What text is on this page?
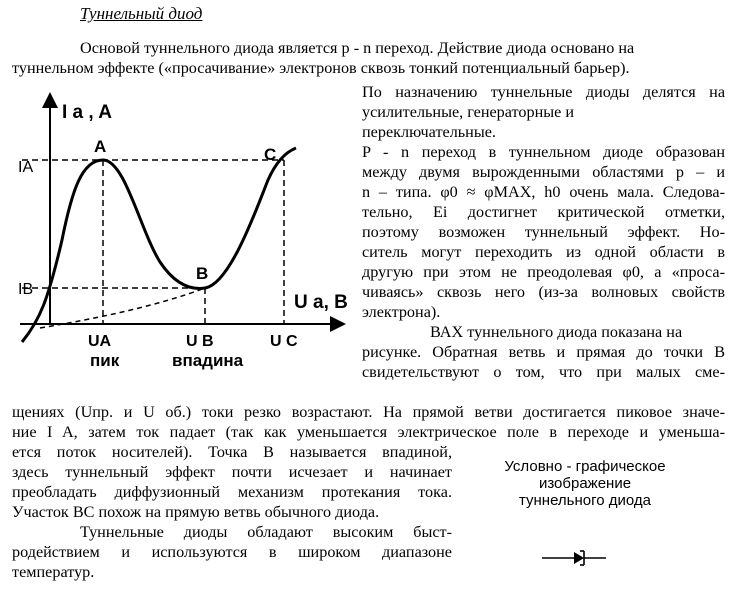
Туннельный диод
Основой туннельного диода является p - n переход. Действие диода основано на
туннельном эффекте («просачивание» электронов сквозь тонкий потенциальный барьер).
I a , A
U a, B
A
B
C
IA
IB
UA	U B	U C
пик	впадина
По назначению туннельные диоды делятся на
усилительные, генераторные и
переключательные.
P - n переход в туннельном диоде образован
между двумя вырожденными областями р – и
n – типа. φ0 ≈ φMAX, h0 очень мала. Следова-
тельно, Ei достигнет критической отметки,
поэтому возможен туннельный эффект. Но-
ситель могут переходить из одной области в
другую при этом не преодолевая φ0, а «проса-
чиваясь» сквозь него (из-за волновых свойств
электрона).
ВАХ туннельного диода показана на
рисунке. Обратная ветвь и прямая до точки В
свидетельствуют о том, что при малых сме-
щениях (Uпр. и U об.) токи резко возрастают. На прямой ветви достигается пиковое значе-
ние I A, затем ток падает (так как уменьшается электрическое поле в переходе и уменьша-
ется поток носителей). Точка В называется впадиной,
здесь туннельный эффект почти исчезает и начинает
преобладать диффузионный механизм протекания тока.
Участок ВС похож на прямую ветвь обычного диода.
Туннельные диоды обладают высоким быст-
родействием и используются в широком диапазоне
температур.
Условно - графическое
изображение
туннельного диода
